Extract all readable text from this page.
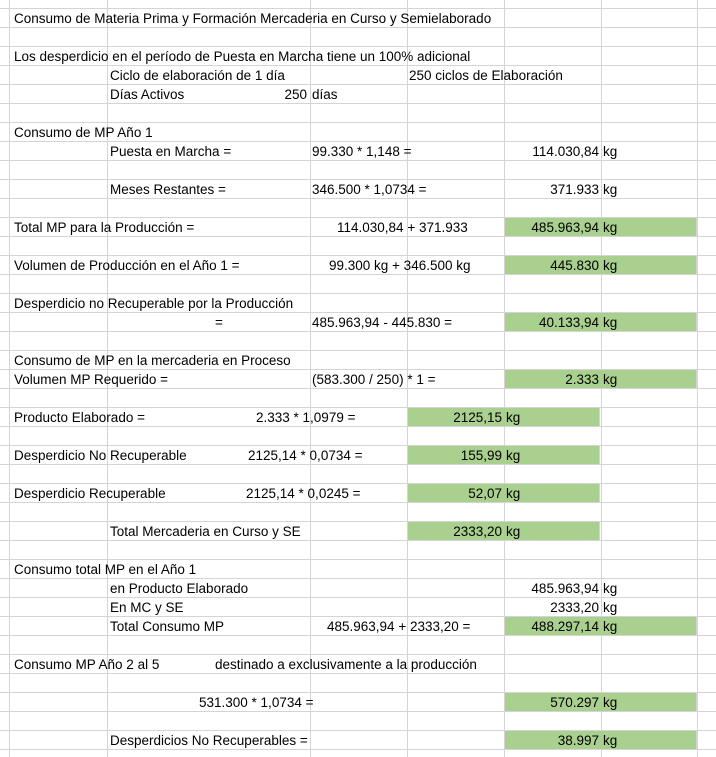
Consumo de Materia Prima y Formación Mercaderia en Curso y Semielaborado
Los desperdicio en el período de Puesta en Marcha tiene un 100% adicional
Ciclo de elaboración de 1 día	250 ciclos de Elaboración
Días Activos	250 días
Consumo de MP Año 1
Puesta en Marcha =	99.330 * 1,148 =	114.030,84 kg
Meses Restantes =	346.500 * 1,0734 =	371.933 kg
Total MP para la Producción =	114.030,84 + 371.933	485.963,94 kg
Volumen de Producción en el Año 1 =	99.300 kg + 346.500 kg	445.830 kg
Desperdicio no Recuperable por la Producción
=	485.963,94 - 445.830 =	40.133,94 kg
Consumo de MP en la mercaderia en Proceso
Volumen MP Requerido =	(583.300 / 250) * 1 =	2.333 kg
Producto Elaborado =	2.333 * 1,0979 =	2125,15 kg
Desperdicio No Recuperable	2125,14 * 0,0734 =	155,99 kg
Desperdicio Recuperable	2125,14 * 0,0245 =	52,07 kg
Total Mercaderia en Curso y SE	2333,20 kg
Consumo total MP en el Año 1
en Producto Elaborado	485.963,94 kg
En MC y SE	2333,20 kg
Total Consumo MP	485.963,94 + 2333,20 =	488.297,14 kg
Consumo MP Año 2 al 5	destinado a exclusivamente a la producción
531.300 * 1,0734 =	570.297 kg
Desperdicios No Recuperables =	38.997 kg
